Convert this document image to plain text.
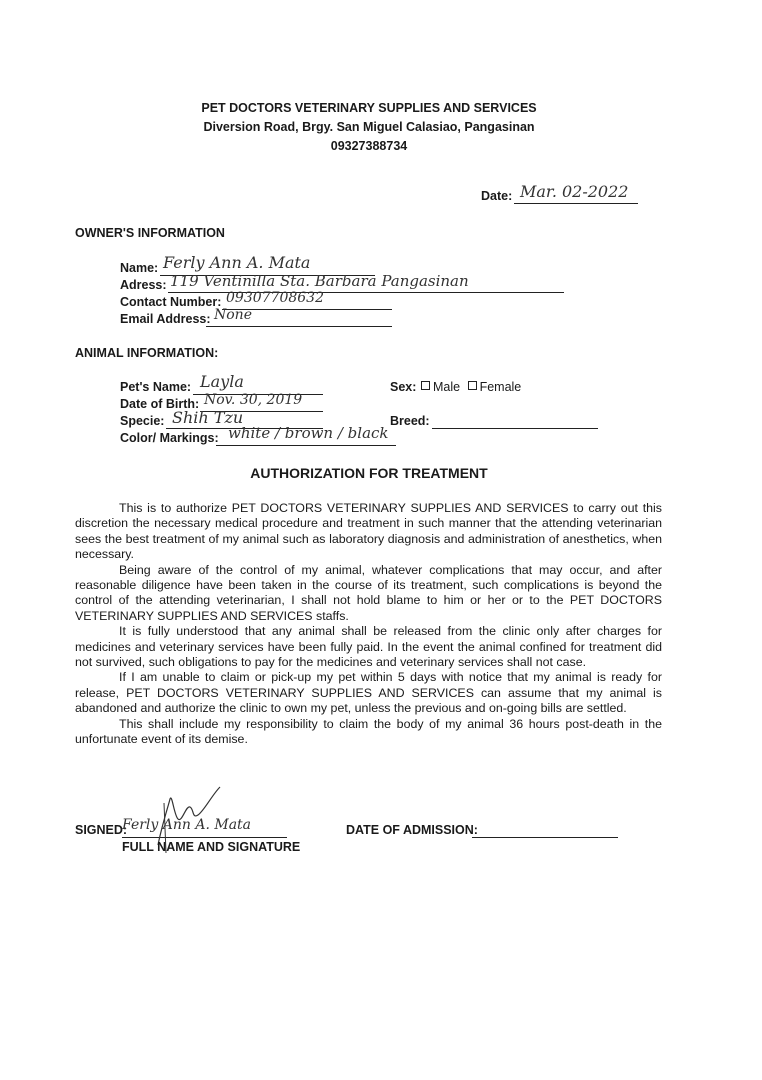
PET DOCTORS VETERINARY SUPPLIES AND SERVICES
Diversion Road, Brgy. San Miguel Calasiao, Pangasinan
09327388734
Date: Mar. 02-2022
OWNER'S INFORMATION
Name: Ferly Ann A. Mata
Adress: 119 Ventinilla Sta. Barbara Pangasinan
Contact Number: 09307708632
Email Address: None
ANIMAL INFORMATION:
Pet's Name: Layla	Sex:	Male Female
Date of Birth: Nov. 30, 2019
Specie: Shih Tzu	Breed:
Color/ Markings: white / brown / black
AUTHORIZATION FOR TREATMENT
This is to authorize PET DOCTORS VETERINARY SUPPLIES AND SERVICES to carry out this discretion the necessary medical procedure and treatment in such manner that the attending veterinarian sees the best treatment of my animal such as laboratory diagnosis and administration of anesthetics, when necessary.
Being aware of the control of my animal, whatever complications that may occur, and after reasonable diligence have been taken in the course of its treatment, such complications is beyond the control of the attending veterinarian, I shall not hold blame to him or her or to the PET DOCTORS VETERINARY SUPPLIES AND SERVICES staffs.
It is fully understood that any animal shall be released from the clinic only after charges for medicines and veterinary services have been fully paid. In the event the animal confined for treatment did not survived, such obligations to pay for the medicines and veterinary services shall not case.
If I am unable to claim or pick-up my pet within 5 days with notice that my animal is ready for release, PET DOCTORS VETERINARY SUPPLIES AND SERVICES can assume that my animal is abandoned and authorize the clinic to own my pet, unless the previous and on-going bills are settled.
This shall include my responsibility to claim the body of my animal 36 hours post-death in the unfortunate event of its demise.
SIGNED:
Ferly Ann A. Mata
FULL NAME AND SIGNATURE
DATE OF ADMISSION:
